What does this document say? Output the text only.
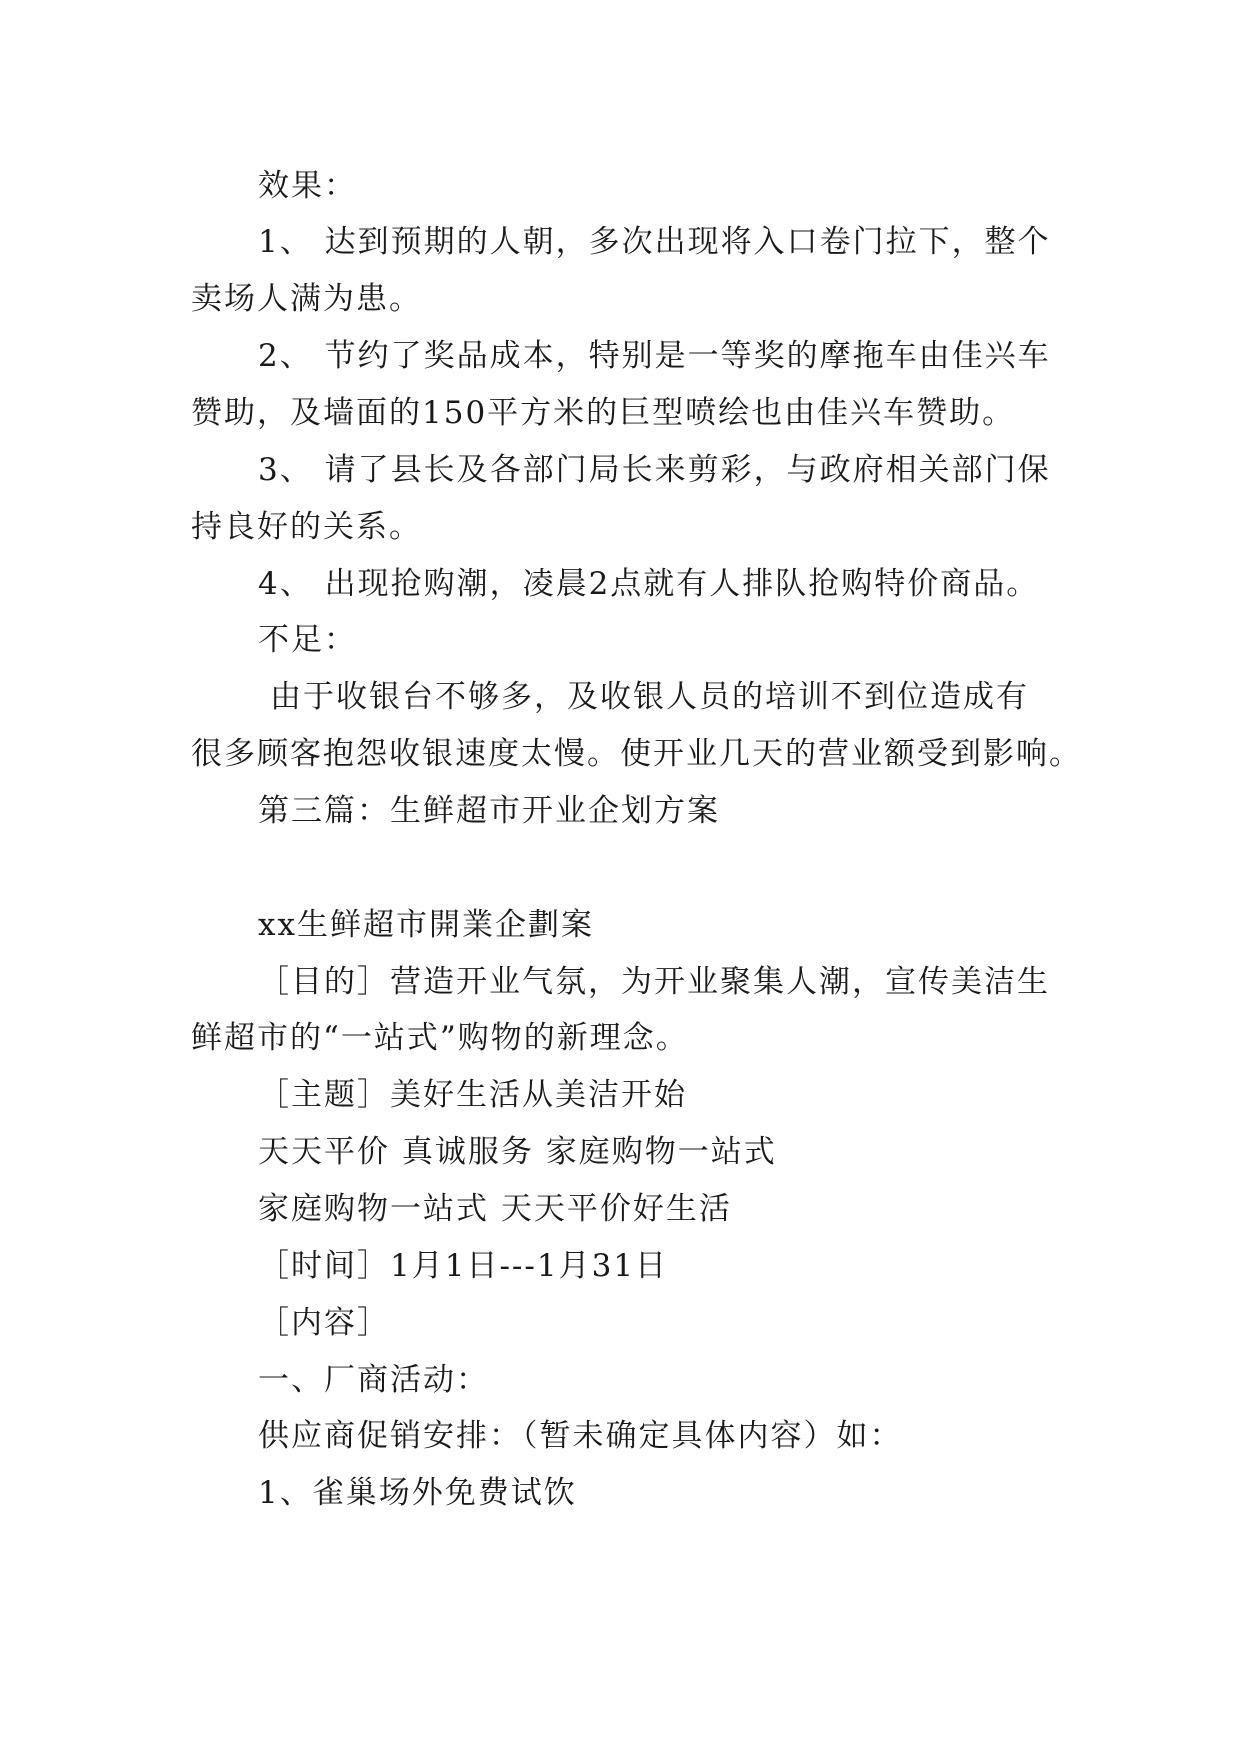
效果：

1、 达到预期的人朝，多次出现将入口卷门拉下，整个

卖场人满为患。

2、 节约了奖品成本，特别是一等奖的摩拖车由佳兴车

赞助，及墙面的150平方米的巨型喷绘也由佳兴车赞助。

3、 请了县长及各部门局长来剪彩，与政府相关部门保

持良好的关系。

4、 出现抢购潮，凌晨2点就有人排队抢购特价商品。

不足：

由于收银台不够多，及收银人员的培训不到位造成有

很多顾客抱怨收银速度太慢。使开业几天的营业额受到影响。

第三篇：生鲜超市开业企划方案

xx生鲜超市開業企劃案

［目的］营造开业气氛，为开业聚集人潮，宣传美洁生

鲜超市的“一站式”购物的新理念。

［主题］美好生活从美洁开始

天天平价 真诚服务 家庭购物一站式

家庭购物一站式 天天平价好生活

［时间］1月1日---1月31日

［内容］

一、厂商活动：

供应商促销安排：（暂未确定具体内容）如：

1、雀巢场外免费试饮
